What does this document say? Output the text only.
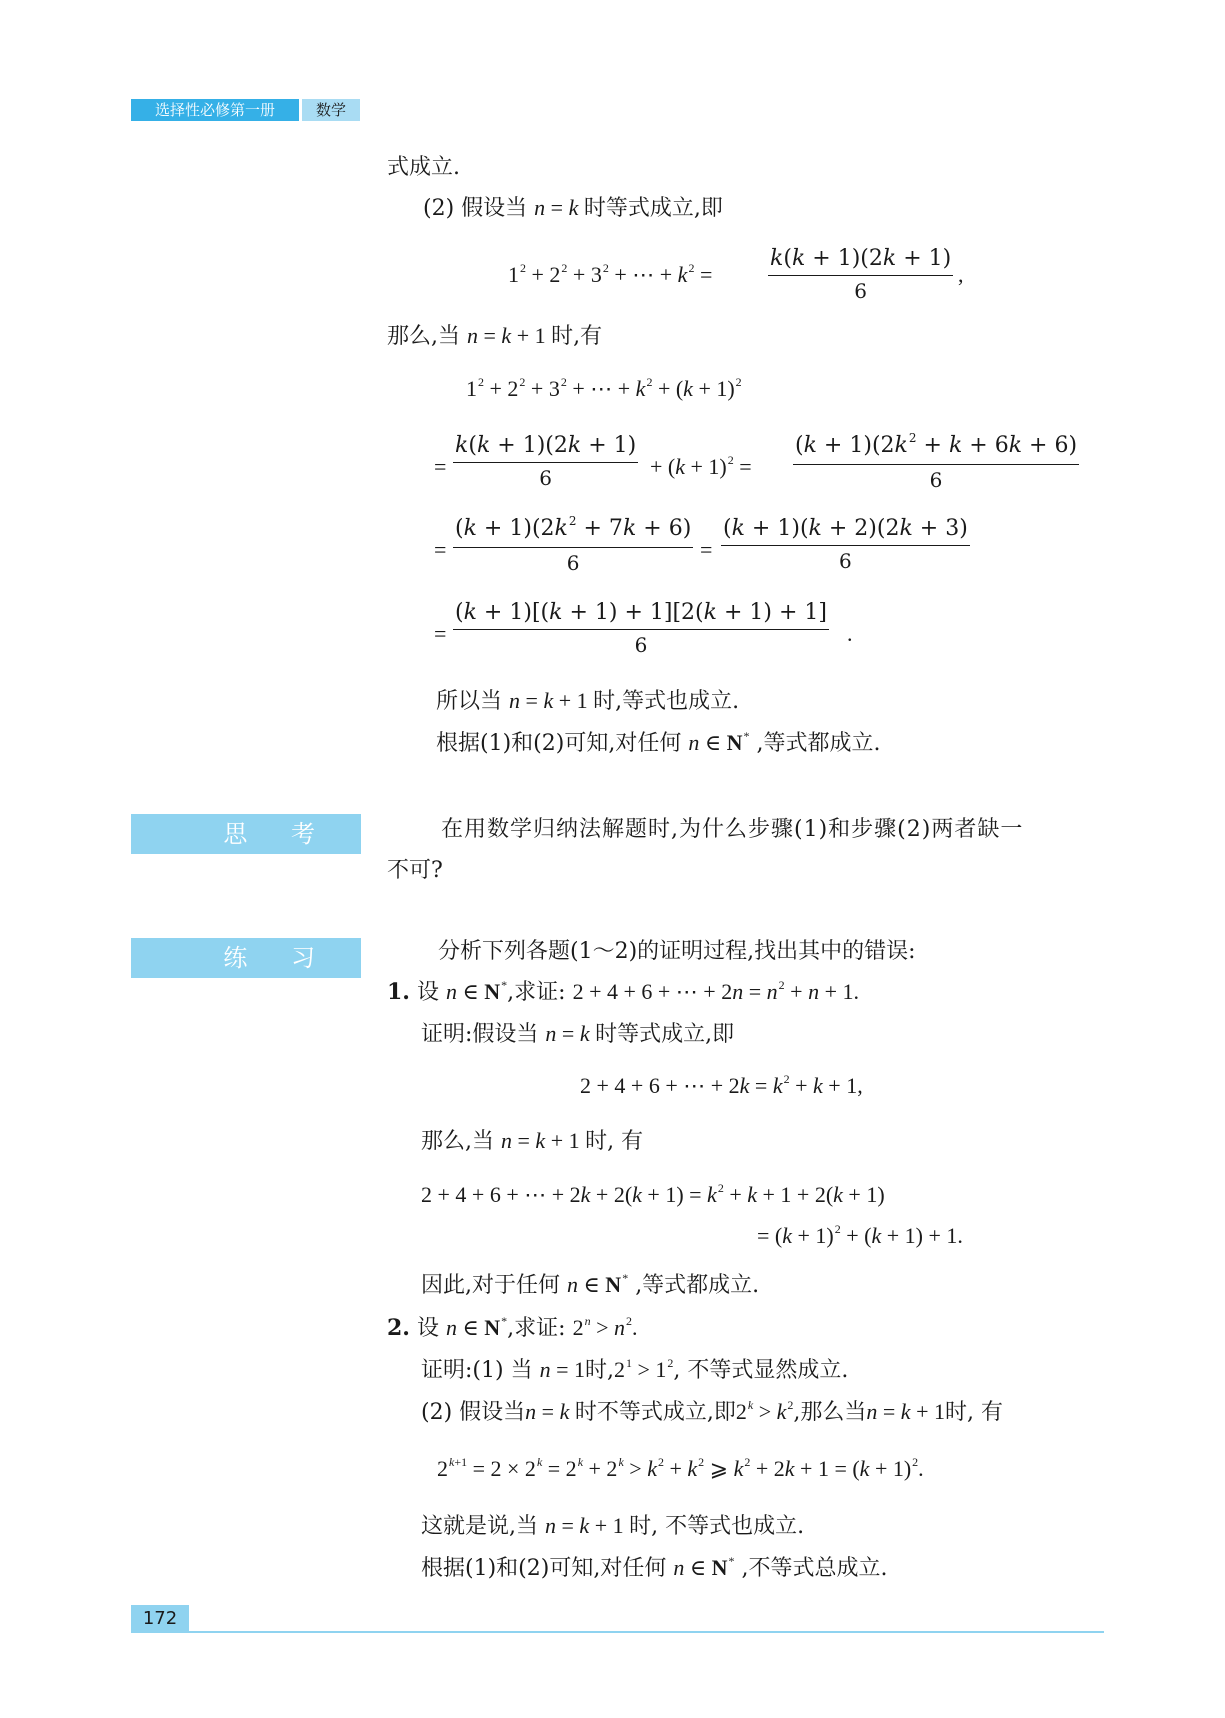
选择性必修第一册	数学
式成立.
(2) 假设当 n = k 时等式成立,即
$1^2 + 2^2 + 3^2$ + ⋯ + $k^2$ =	$\frac{k(k + 1)(2k + 1)}{6}$ ,
那么,当 n = k + 1 时,有
$1^2 + 2^2 + 3^2$ + ⋯ + $k^2 + (k + 1)^2$
= $\frac{k(k + 1)(2k + 1)}{6} + (k + 1)^2 = \frac{(k + 1)(2k^2 + k + 6k + 6)}{6}$
= $\frac{(k + 1)(2k^2 + 7k + 6)}{6} = \frac{(k + 1)(k + 2)(2k + 3)}{6}$
= $\frac{(k + 1)[(k + 1) + 1][2(k + 1) + 1]}{6}$ .
所以当 n = k + 1 时,等式也成立.
根据(1)和(2)可知,对任何 n ∈ N* ,等式都成立.
思 考	在用数学归纳法解题时,为什么步骤(1)和步骤(2)两者缺一
不可?
练 习	分析下列各题(1～2)的证明过程,找出其中的错误:
1. 设 n ∈ N*,求证: 2 + 4 + 6 + ⋯ + $2n = n^2 + n + 1$.
证明:假设当 n = k 时等式成立,即
2 + 4 + 6 + ⋯ + $2k = k^2 + k + 1$,
那么,当 n = k + 1 时, 有
2 + 4 + 6 + ⋯ + $2k + 2(k + 1) = k^2 + k + 1 + 2(k + 1)$
= $(k + 1)^2 + (k + 1) + 1$.
因此,对于任何 n ∈ N* ,等式都成立.
2. 设 n ∈ N*,求证: $2^n > n^2$.
证明:(1) 当 n = 1时$,2^1 > 1^2$, 不等式显然成立.
(2) 假设当n = k 时不等式成立,即$2^k > k^2$,那么当n = k + 1时, 有
$2^{k+1} = 2 \times 2^k = 2^k + 2^k > k^2 + k^2$ ⩾ $k^2 + 2k + 1 = (k + 1)^2$.
这就是说,当 n = k + 1 时, 不等式也成立.
根据(1)和(2)可知,对任何 n ∈ N* ,不等式总成立.
172
